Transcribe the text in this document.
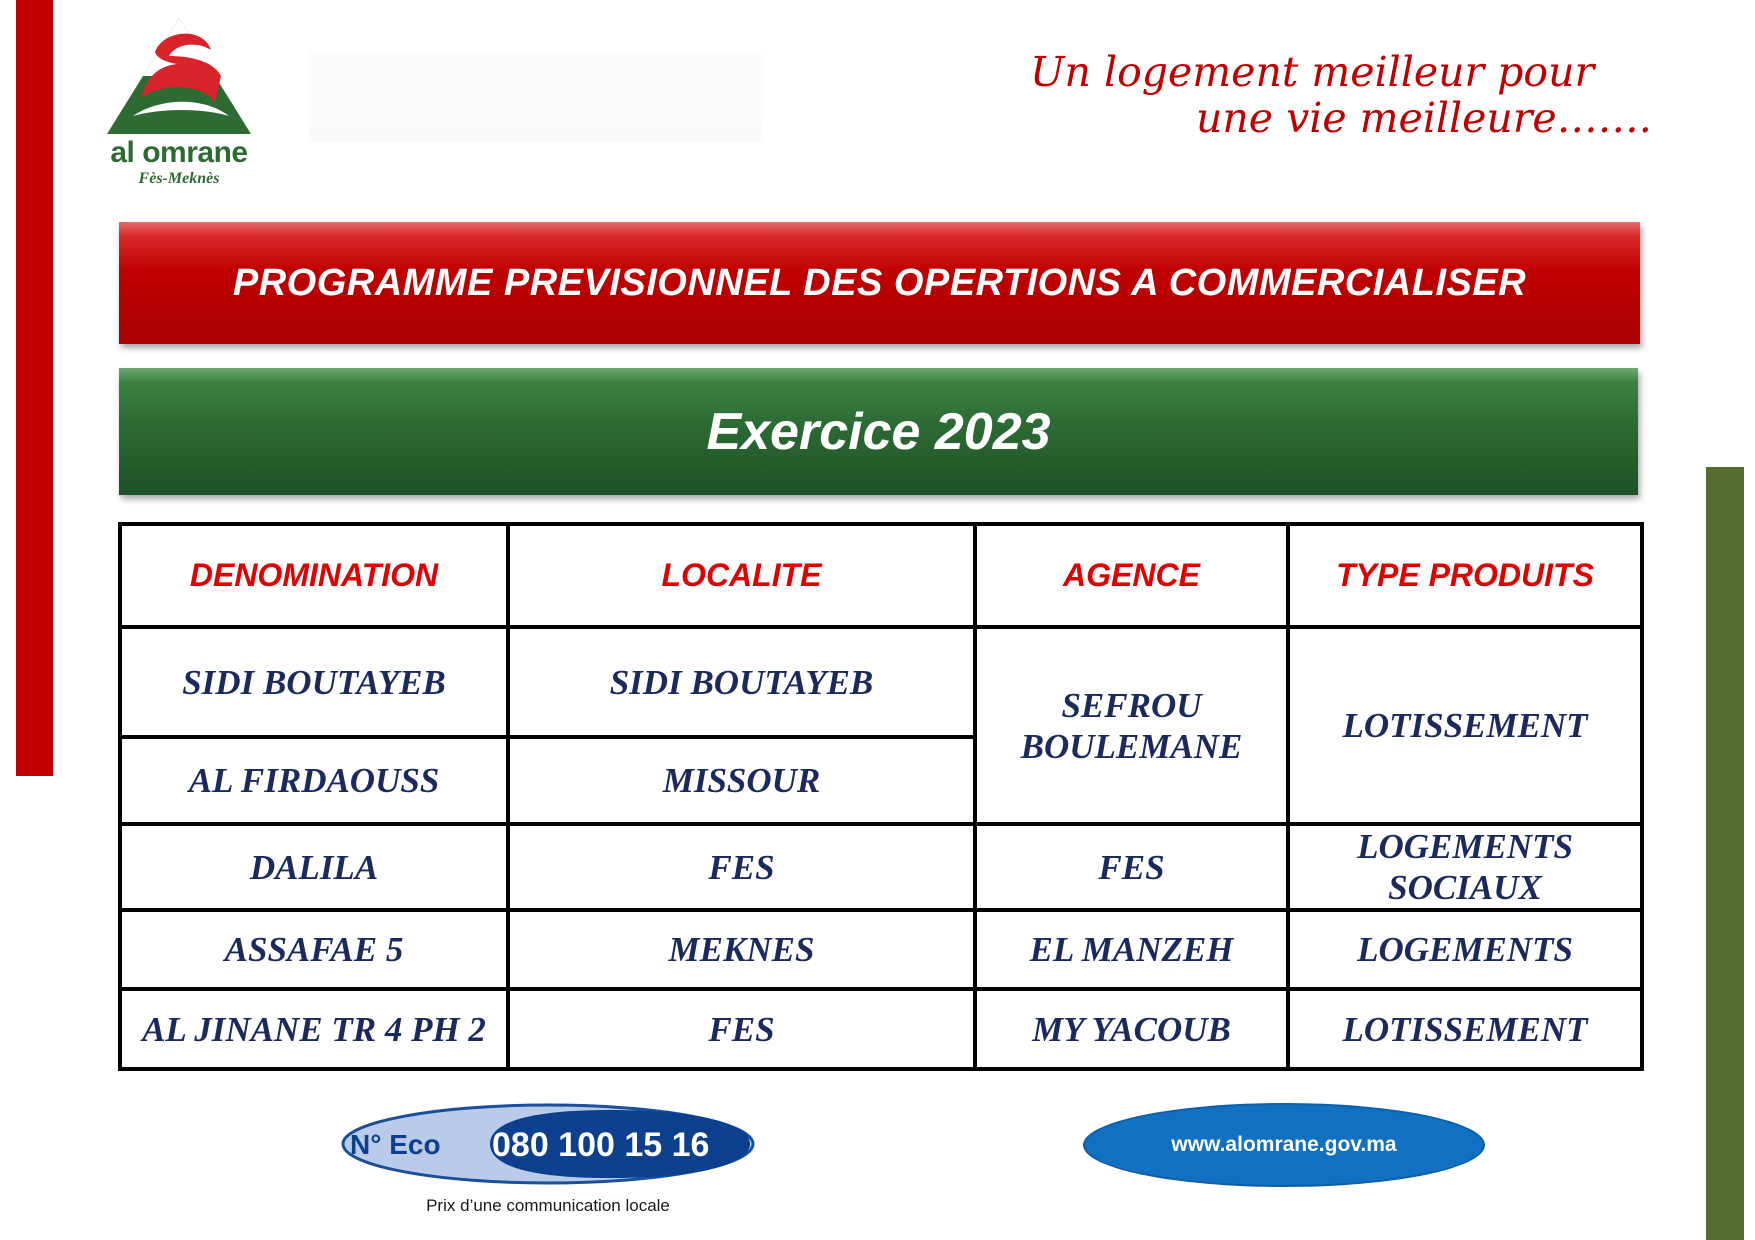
al omrane
Fès-Meknès
Un logement meilleur pour
une vie meilleure…….
PROGRAMME PREVISIONNEL DES OPERTIONS A COMMERCIALISER
Exercice 2023
DENOMINATION	LOCALITE	AGENCE	TYPE PRODUITS
SIDI BOUTAYEB	SIDI BOUTAYEB	SEFROU BOULEMANE	LOTISSEMENT
AL FIRDAOUSS	MISSOUR		
DALILA	FES	FES	LOGEMENTS SOCIAUX
ASSAFAE 5	MEKNES	EL MANZEH	LOGEMENTS
AL JINANE TR 4 PH 2	FES	MY YACOUB	LOTISSEMENT
N° Eco 080 100 15 16
Prix d’une communication locale
www.alomrane.gov.ma
